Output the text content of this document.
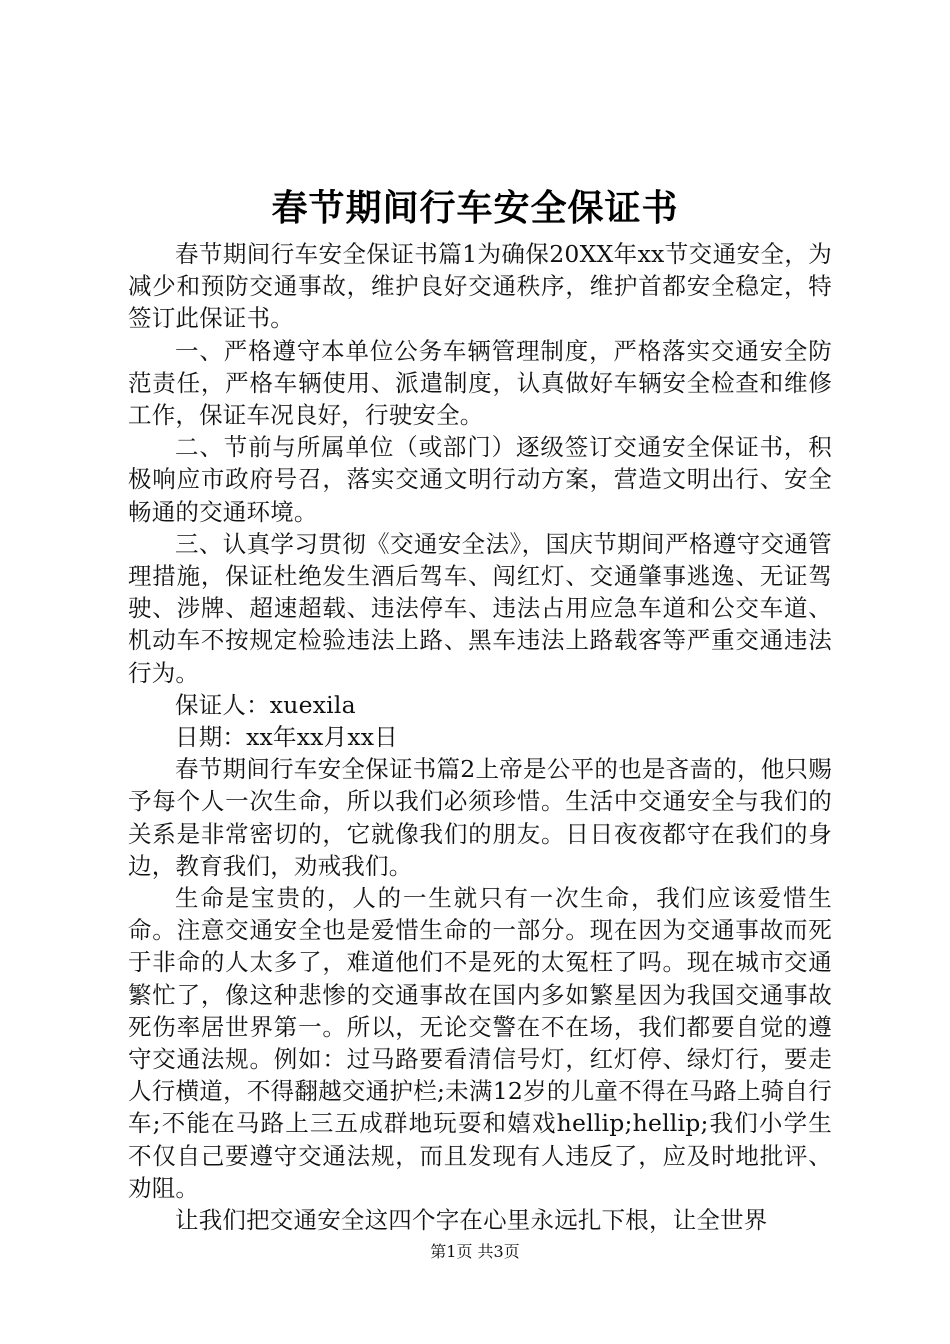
春节期间行车安全保证书

春节期间行车安全保证书篇1为确保20XX年xx节交通安全，为减少和预防交通事故，维护良好交通秩序，维护首都安全稳定，特签订此保证书。

一、严格遵守本单位公务车辆管理制度，严格落实交通安全防范责任，严格车辆使用、派遣制度，认真做好车辆安全检查和维修工作，保证车况良好，行驶安全。

二、节前与所属单位（或部门）逐级签订交通安全保证书，积极响应市政府号召，落实交通文明行动方案，营造文明出行、安全畅通的交通环境。

三、认真学习贯彻《交通安全法》，国庆节期间严格遵守交通管理措施，保证杜绝发生酒后驾车、闯红灯、交通肇事逃逸、无证驾驶、涉牌、超速超载、违法停车、违法占用应急车道和公交车道、机动车不按规定检验违法上路、黑车违法上路载客等严重交通违法行为。

保证人：xuexila

日期：xx年xx月xx日

春节期间行车安全保证书篇2上帝是公平的也是吝啬的，他只赐予每个人一次生命，所以我们必须珍惜。生活中交通安全与我们的关系是非常密切的，它就像我们的朋友。日日夜夜都守在我们的身边，教育我们，劝戒我们。

生命是宝贵的，人的一生就只有一次生命，我们应该爱惜生命。注意交通安全也是爱惜生命的一部分。现在因为交通事故而死于非命的人太多了，难道他们不是死的太冤枉了吗。现在城市交通繁忙了，像这种悲惨的交通事故在国内多如繁星因为我国交通事故死伤率居世界第一。所以，无论交警在不在场，我们都要自觉的遵守交通法规。例如：过马路要看清信号灯，红灯停、绿灯行，要走人行横道，不得翻越交通护栏;未满12岁的儿童不得在马路上骑自行车;不能在马路上三五成群地玩耍和嬉戏hellip;hellip;我们小学生不仅自己要遵守交通法规，而且发现有人违反了，应及时地批评、劝阻。

让我们把交通安全这四个字在心里永远扎下根，让全世界

第1页 共3页
